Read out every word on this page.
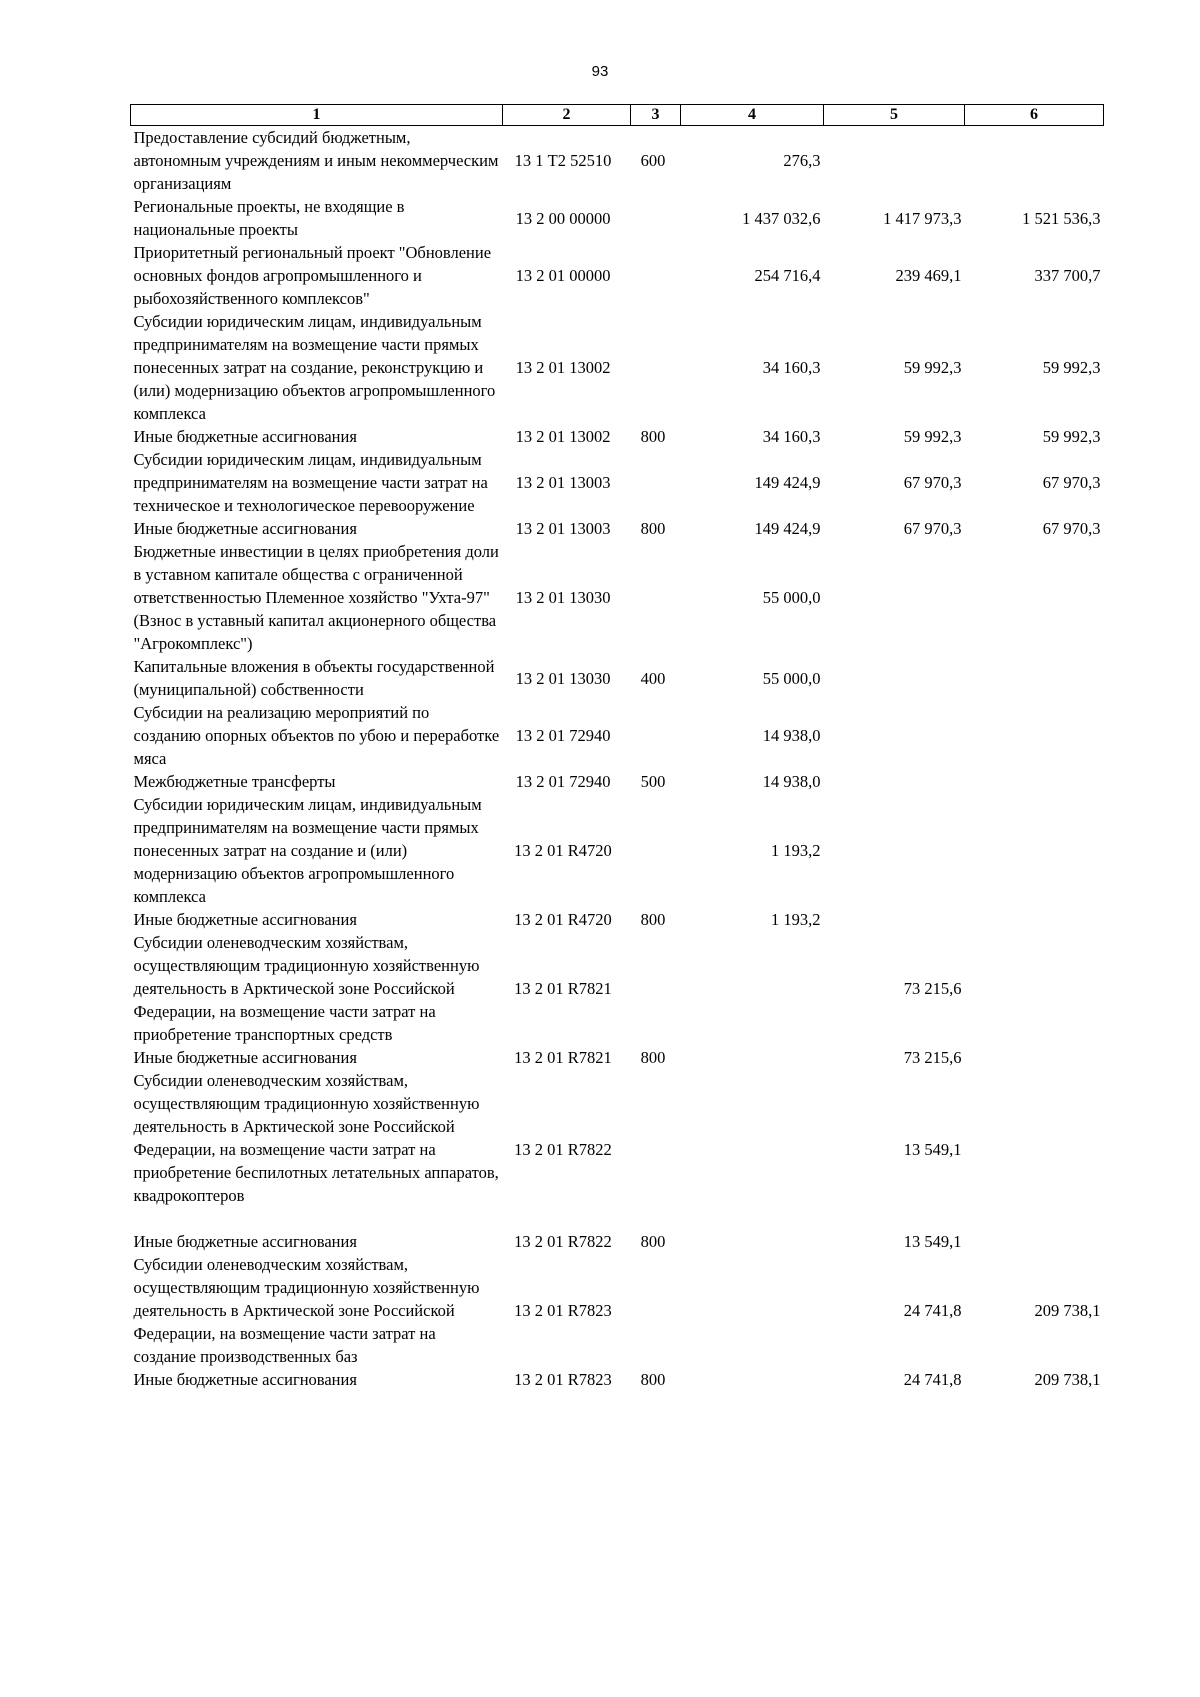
93
1	2	3	4	5	6
Предоставление субсидий бюджетным, автономным учреждениям и иным некоммерческим организациям	13 1 Т2 52510	600	276,3		
Региональные проекты, не входящие в национальные проекты	13 2 00 00000		1 437 032,6	1 417 973,3	1 521 536,3
Приоритетный региональный проект "Обновление основных фондов агропромышленного и рыбохозяйственного комплексов"	13 2 01 00000		254 716,4	239 469,1	337 700,7
Субсидии юридическим лицам, индивидуальным предпринимателям на возмещение части прямых понесенных затрат на создание, реконструкцию и (или) модернизацию объектов агропромышленного комплекса	13 2 01 13002		34 160,3	59 992,3	59 992,3
Иные бюджетные ассигнования	13 2 01 13002	800	34 160,3	59 992,3	59 992,3
Субсидии юридическим лицам, индивидуальным предпринимателям на возмещение части затрат на техническое и технологическое перевооружение	13 2 01 13003		149 424,9	67 970,3	67 970,3
Иные бюджетные ассигнования	13 2 01 13003	800	149 424,9	67 970,3	67 970,3
Бюджетные инвестиции в целях приобретения доли в уставном капитале общества с ограниченной ответственностью Племенное хозяйство "Ухта-97" (Взнос в уставный капитал акционерного общества "Агрокомплекс")	13 2 01 13030		55 000,0		
Капитальные вложения в объекты государственной (муниципальной) собственности	13 2 01 13030	400	55 000,0		
Субсидии на реализацию мероприятий по созданию опорных объектов по убою и переработке мяса	13 2 01 72940		14 938,0		
Межбюджетные трансферты	13 2 01 72940	500	14 938,0		
Субсидии юридическим лицам, индивидуальным предпринимателям на возмещение части прямых понесенных затрат на создание и (или) модернизацию объектов агропромышленного комплекса	13 2 01 R4720		1 193,2		
Иные бюджетные ассигнования	13 2 01 R4720	800	1 193,2		
Субсидии оленеводческим хозяйствам, осуществляющим традиционную хозяйственную деятельность в Арктической зоне Российской Федерации, на возмещение части затрат на приобретение транспортных средств	13 2 01 R7821			73 215,6	
Иные бюджетные ассигнования	13 2 01 R7821	800		73 215,6	
Субсидии оленеводческим хозяйствам, осуществляющим традиционную хозяйственную деятельность в Арктической зоне Российской Федерации, на возмещение части затрат на приобретение беспилотных летательных аппаратов, квадрокоптеров	13 2 01 R7822			13 549,1	
Иные бюджетные ассигнования	13 2 01 R7822	800		13 549,1	
Субсидии оленеводческим хозяйствам, осуществляющим традиционную хозяйственную деятельность в Арктической зоне Российской Федерации, на возмещение части затрат на создание производственных баз	13 2 01 R7823			24 741,8	209 738,1
Иные бюджетные ассигнования	13 2 01 R7823	800		24 741,8	209 738,1
